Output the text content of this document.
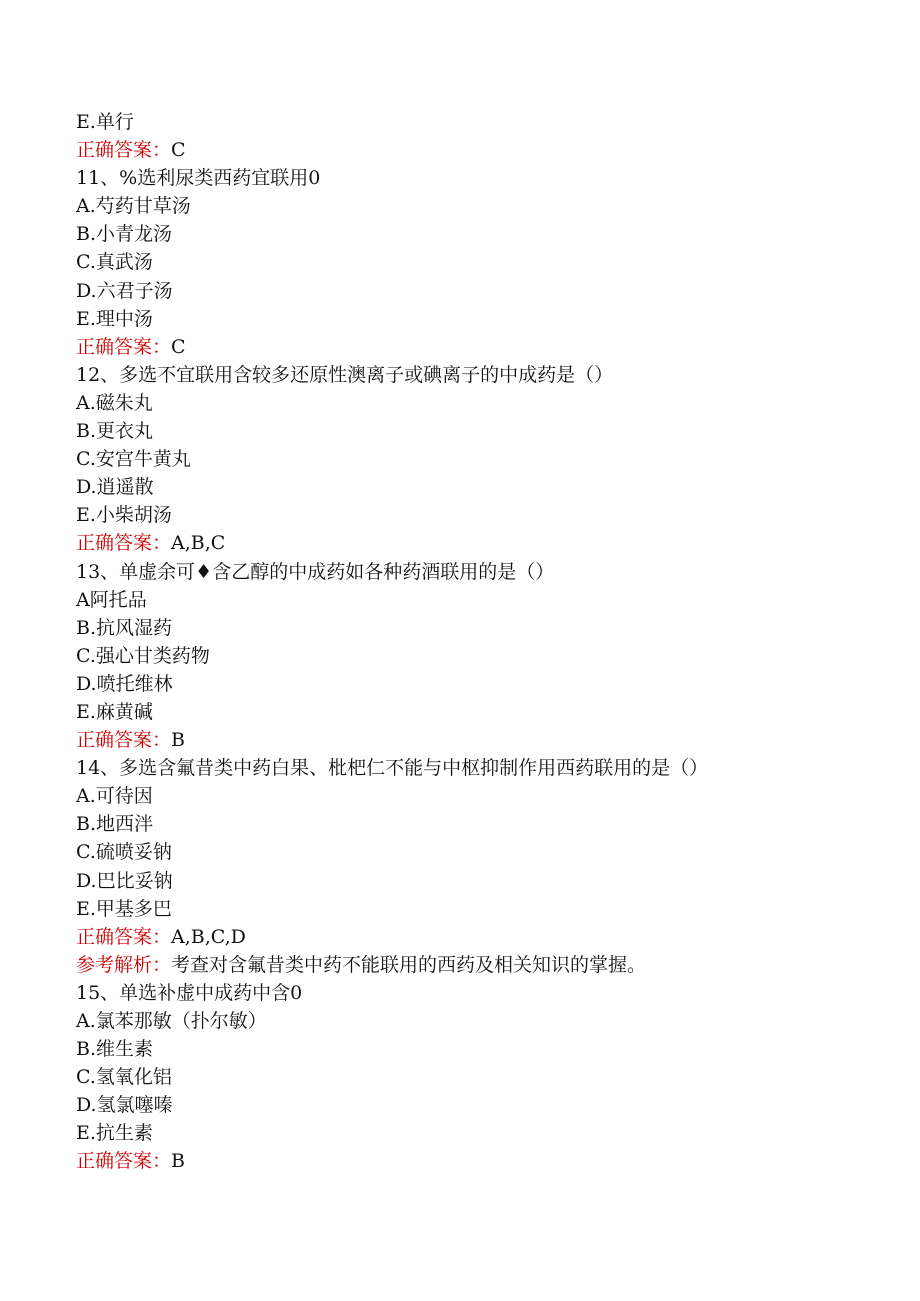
E.单行
正确答案：C
11、%选利尿类西药宜联用0
A.芍药甘草汤
B.小青龙汤
C.真武汤
D.六君子汤
E.理中汤
正确答案：C
12、多选不宜联用含较多还原性澳离子或碘离子的中成药是（）
A.磁朱丸
B.更衣丸
C.安宫牛黄丸
D.逍遥散
E.小柴胡汤
正确答案：A,B,C
13、单虚余可♦含乙醇的中成药如各种药酒联用的是（）
A阿托品
B.抗风湿药
C.强心甘类药物
D.喷托维林
E.麻黄碱
正确答案：B
14、多选含氟昔类中药白果、枇杷仁不能与中枢抑制作用西药联用的是（）
A.可待因
B.地西泮
C.硫喷妥钠
D.巴比妥钠
E.甲基多巴
正确答案：A,B,C,D
参考解析：考查对含氟昔类中药不能联用的西药及相关知识的掌握。
15、单选补虚中成药中含0
A.氯苯那敏（扑尔敏）
B.维生素
C.氢氧化铝
D.氢氯噻嗪
E.抗生素
正确答案：B
